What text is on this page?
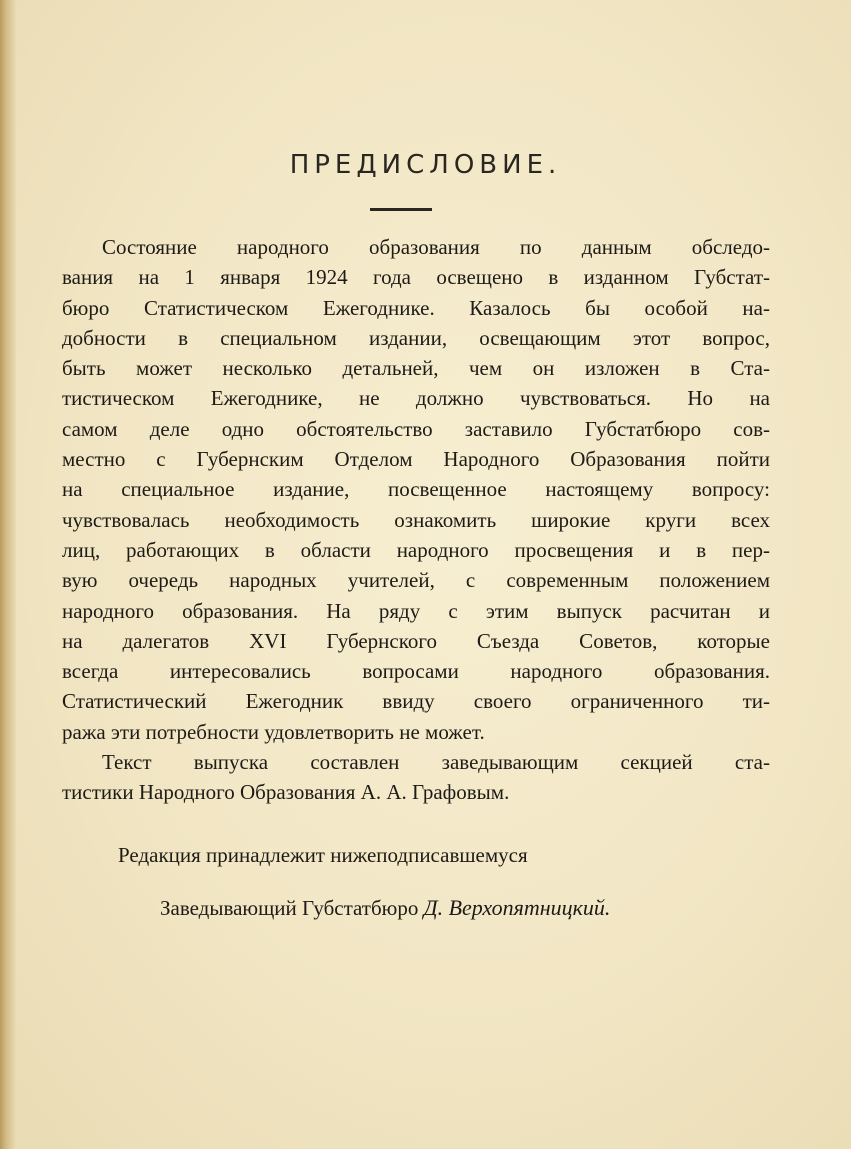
ПРЕДИСЛОВИЕ.
Состояние народного образования по данным обследо-
вания на 1 января 1924 года освещено в изданном Губстат-
бюро Статистическом Ежегоднике. Казалось бы особой на-
добности в специальном издании, освещающим этот вопрос,
быть может несколько детальней, чем он изложен в Ста-
тистическом Ежегоднике, не должно чувствоваться. Но на
самом деле одно обстоятельство заставило Губстатбюро сов-
местно с Губернским Отделом Народного Образования пойти
на специальное издание, посвещенное настоящему вопросу:
чувствовалась необходимость ознакомить широкие круги всех
лиц, работающих в области народного просвещения и в пер-
вую очередь народных учителей, с современным положением
народного образования. На ряду с этим выпуск расчитан и
на далегатов XVI Губернского Съезда Советов, которые
всегда интересовались вопросами народного образования.
Статистический Ежегодник ввиду своего ограниченного ти-
ража эти потребности удовлетворить не может.
Текст выпуска составлен заведывающим секцией ста-
тистики Народного Образования А. А. Графовым.
Редакция принадлежит нижеподписавшемуся
Заведывающий Губстатбюро Д. Верхопятницкий.
